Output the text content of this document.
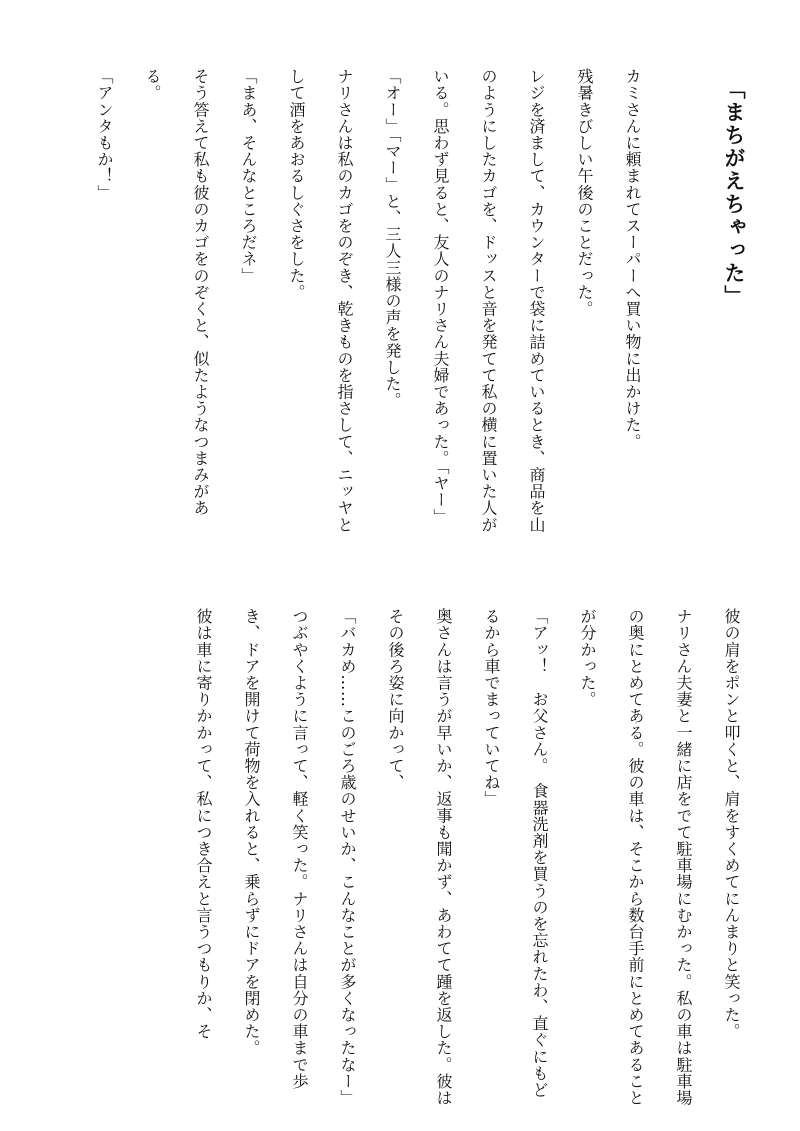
「まちがえちゃった」

カミさんに頼まれてスーパーへ買い物に出かけた。

残暑きびしい午後のことだった。

レジを済まして、カウンターで袋に詰めているとき、商品を山のようにしたカゴを、ドッスと音を発てて私の横に置いた人がいる。思わず見ると、友人のナリさん夫婦であった。「ヤー」「オー」「マー」と、三人三様の声を発した。

ナリさんは私のカゴをのぞき、乾きものを指さして、ニッヤとして酒をあおるしぐさをした。

「まあ、そんなところだネ」

そう答えて私も彼のカゴをのぞくと、似たようなつまみがある。

「アンタもか！」

彼の肩をポンと叩くと、肩をすくめてにんまりと笑った。

ナリさん夫妻と一緒に店をでて駐車場にむかった。私の車は駐車場の奥にとめてある。彼の車は、そこから数台手前にとめてあることが分かった。

「アッ！　お父さん。　食器洗剤を買うのを忘れたわ、直ぐにもどるから車でまっていてね」

奥さんは言うが早いか、返事も聞かず、あわてて踵を返した。彼はその後ろ姿に向かって、

「バカめ……このごろ歳のせいか、こんなことが多くなったなー」

つぶやくように言って、軽く笑った。ナリさんは自分の車まで歩き、ドアを開けて荷物を入れると、乗らずにドアを閉めた。

彼は車に寄りかかって、私につき合えと言うつもりか、そ
